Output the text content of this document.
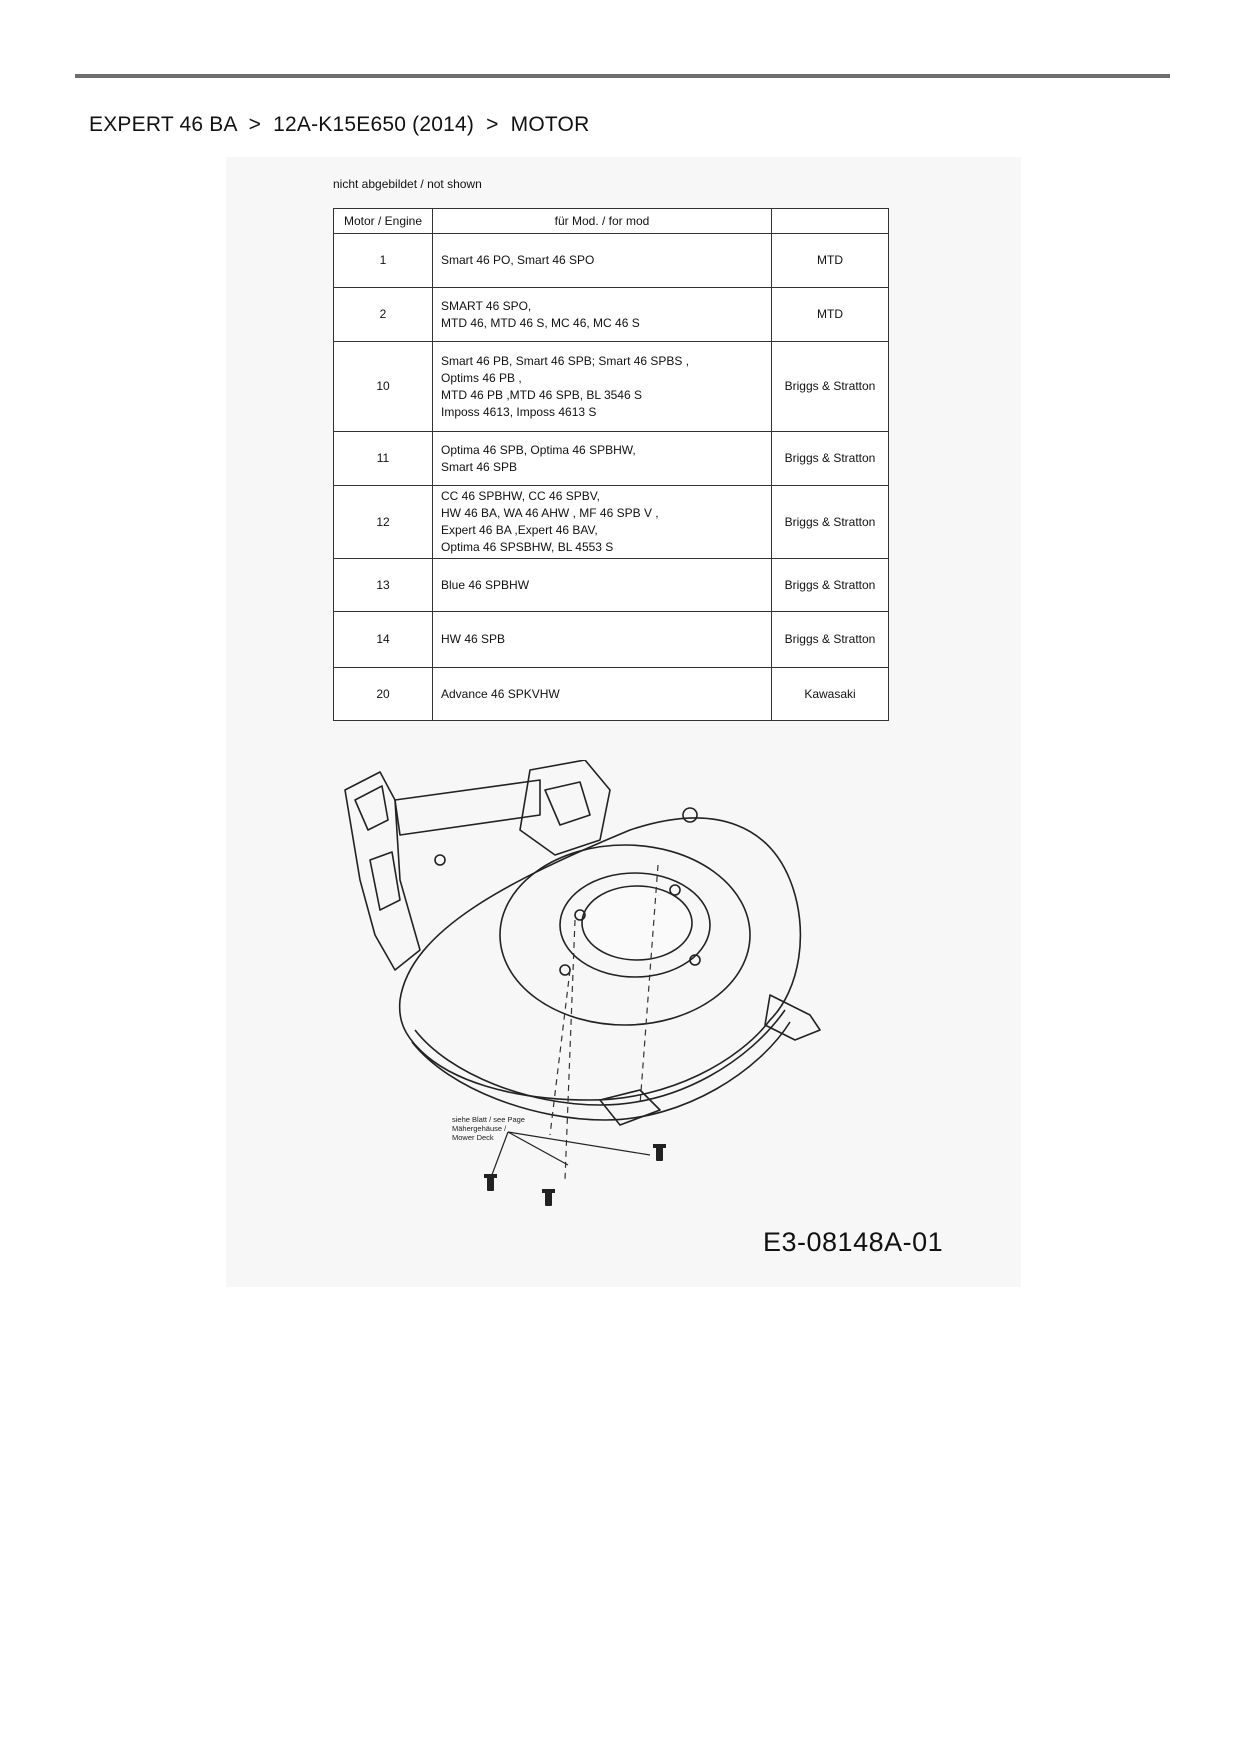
EXPERT 46 BA  >  12A-K15E650 (2014)  >  MOTOR
nicht abgebildet / not shown
Motor / Engine	für Mod. / for mod	
1	Smart 46 PO, Smart 46 SPO	MTD
2	SMART 46 SPO,
MTD 46, MTD 46 S, MC 46, MC 46 S	MTD
10	Smart 46 PB, Smart 46 SPB; Smart 46 SPBS ,
Optims 46 PB ,
MTD 46 PB ,MTD 46 SPB, BL 3546 S
Imposs 4613, Imposs 4613 S	Briggs & Stratton
11	Optima 46 SPB, Optima 46 SPBHW,
Smart 46 SPB	Briggs & Stratton
12	CC 46 SPBHW, CC 46 SPBV,
HW 46 BA, WA 46 AHW , MF 46 SPB V ,
Expert 46 BA ,Expert 46 BAV,
Optima 46 SPSBHW, BL 4553 S	Briggs & Stratton
13	Blue 46 SPBHW	Briggs & Stratton
14	HW 46 SPB	Briggs & Stratton
20	Advance 46 SPKVHW	Kawasaki
siehe Blatt / see Page
Mähergehäuse /
Mower Deck
E3-08148A-01
